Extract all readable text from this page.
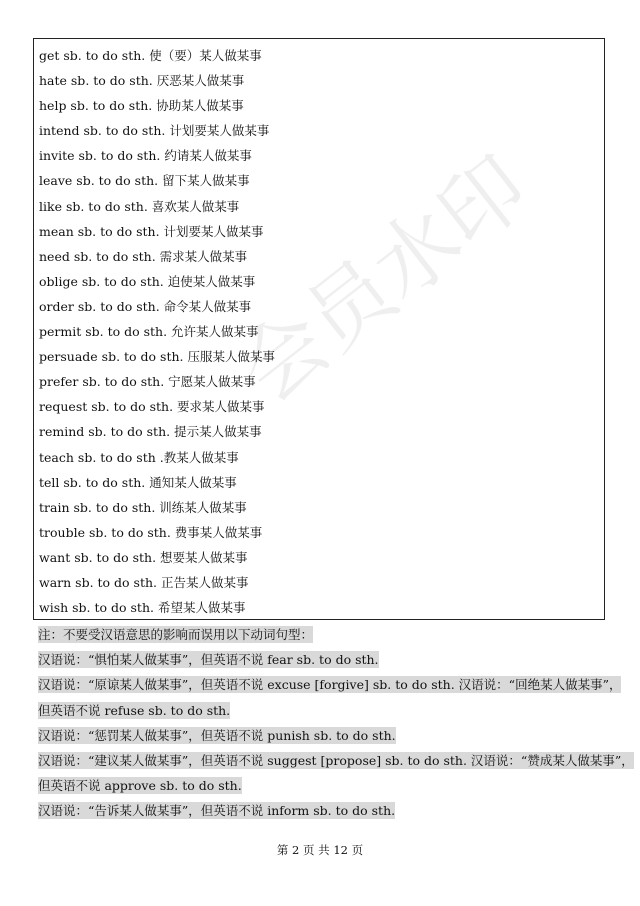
会员水印
get sb. to do sth. 使（要）某人做某事
hate sb. to do sth. 厌恶某人做某事
help sb. to do sth. 协助某人做某事
intend sb. to do sth. 计划要某人做某事
invite sb. to do sth. 约请某人做某事
leave sb. to do sth. 留下某人做某事
like sb. to do sth. 喜欢某人做某事
mean sb. to do sth. 计划要某人做某事
need sb. to do sth. 需求某人做某事
oblige sb. to do sth. 迫使某人做某事
order sb. to do sth. 命令某人做某事
permit sb. to do sth. 允许某人做某事
persuade sb. to do sth. 压服某人做某事
prefer sb. to do sth. 宁愿某人做某事
request sb. to do sth. 要求某人做某事
remind sb. to do sth. 提示某人做某事
teach sb. to do sth .教某人做某事
tell sb. to do sth. 通知某人做某事
train sb. to do sth. 训练某人做某事
trouble sb. to do sth. 费事某人做某事
want sb. to do sth. 想要某人做某事
warn sb. to do sth. 正告某人做某事
wish sb. to do sth. 希望某人做某事
注：不要受汉语意思的影响而误用以下动词句型：
汉语说：“惧怕某人做某事”，但英语不说 fear sb. to do sth.
汉语说：“原谅某人做某事”，但英语不说 excuse [forgive] sb. to do sth. 汉语说：“回绝某人做某事”，
但英语不说 refuse sb. to do sth.
汉语说：“惩罚某人做某事”，但英语不说 punish sb. to do sth.
汉语说：“建议某人做某事”，但英语不说 suggest [propose] sb. to do sth. 汉语说：“赞成某人做某事”，
但英语不说 approve sb. to do sth.
汉语说：“告诉某人做某事”，但英语不说 inform sb. to do sth.
第 2 页 共 12 页
